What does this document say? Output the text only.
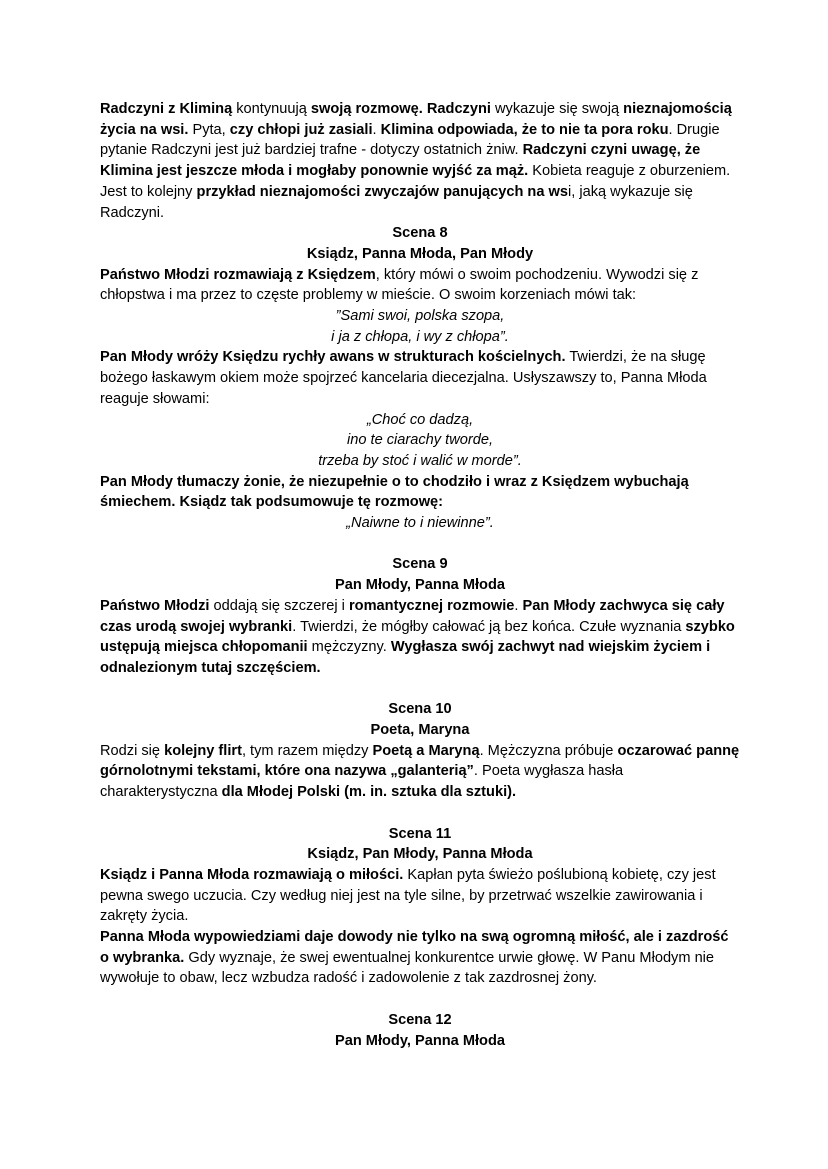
Radczyni z Kliminą kontynuują swoją rozmowę. Radczyni wykazuje się swoją nieznajomością życia na wsi. Pyta, czy chłopi już zasiali. Klimina odpowiada, że to nie ta pora roku. Drugie pytanie Radczyni jest już bardziej trafne - dotyczy ostatnich żniw. Radczyni czyni uwagę, że Klimina jest jeszcze młoda i mogłaby ponownie wyjść za mąż. Kobieta reaguje z oburzeniem. Jest to kolejny przykład nieznajomości zwyczajów panujących na wsi, jaką wykazuje się Radczyni.

Scena 8

Ksiądz, Panna Młoda, Pan Młody

Państwo Młodzi rozmawiają z Księdzem, który mówi o swoim pochodzeniu. Wywodzi się z chłopstwa i ma przez to częste problemy w mieście. O swoim korzeniach mówi tak:

”Sami swoi, polska szopa,
i ja z chłopa, i wy z chłopa”.

Pan Młody wróży Księdzu rychły awans w strukturach kościelnych. Twierdzi, że na sługę bożego łaskawym okiem może spojrzeć kancelaria diecezjalna. Usłyszawszy to, Panna Młoda reaguje słowami:

„Choć co dadzą,
ino te ciarachy tworde,
trzeba by stoć i walić w morde”.

Pan Młody tłumaczy żonie, że niezupełnie o to chodziło i wraz z Księdzem wybuchają śmiechem. Ksiądz tak podsumowuje tę rozmowę:

„Naiwne to i niewinne”.

Scena 9

Pan Młody, Panna Młoda

Państwo Młodzi oddają się szczerej i romantycznej rozmowie. Pan Młody zachwyca się cały czas urodą swojej wybranki. Twierdzi, że mógłby całować ją bez końca. Czułe wyznania szybko ustępują miejsca chłopomanii mężczyzny. Wygłasza swój zachwyt nad wiejskim życiem i odnalezionym tutaj szczęściem.

Scena 10

Poeta, Maryna

Rodzi się kolejny flirt, tym razem między Poetą a Maryną. Mężczyzna próbuje oczarować pannę górnolotnymi tekstami, które ona nazywa „galanterią”. Poeta wygłasza hasła charakterystyczna dla Młodej Polski (m. in. sztuka dla sztuki).

Scena 11

Ksiądz, Pan Młody, Panna Młoda

Ksiądz i Panna Młoda rozmawiają o miłości. Kapłan pyta świeżo poślubioną kobietę, czy jest pewna swego uczucia. Czy według niej jest na tyle silne, by przetrwać wszelkie zawirowania i zakręty życia.

Panna Młoda wypowiedziami daje dowody nie tylko na swą ogromną miłość, ale i zazdrość o wybranka. Gdy wyznaje, że swej ewentualnej konkurentce urwie głowę. W Panu Młodym nie wywołuje to obaw, lecz wzbudza radość i zadowolenie z tak zazdrosnej żony.

Scena 12

Pan Młody, Panna Młoda
